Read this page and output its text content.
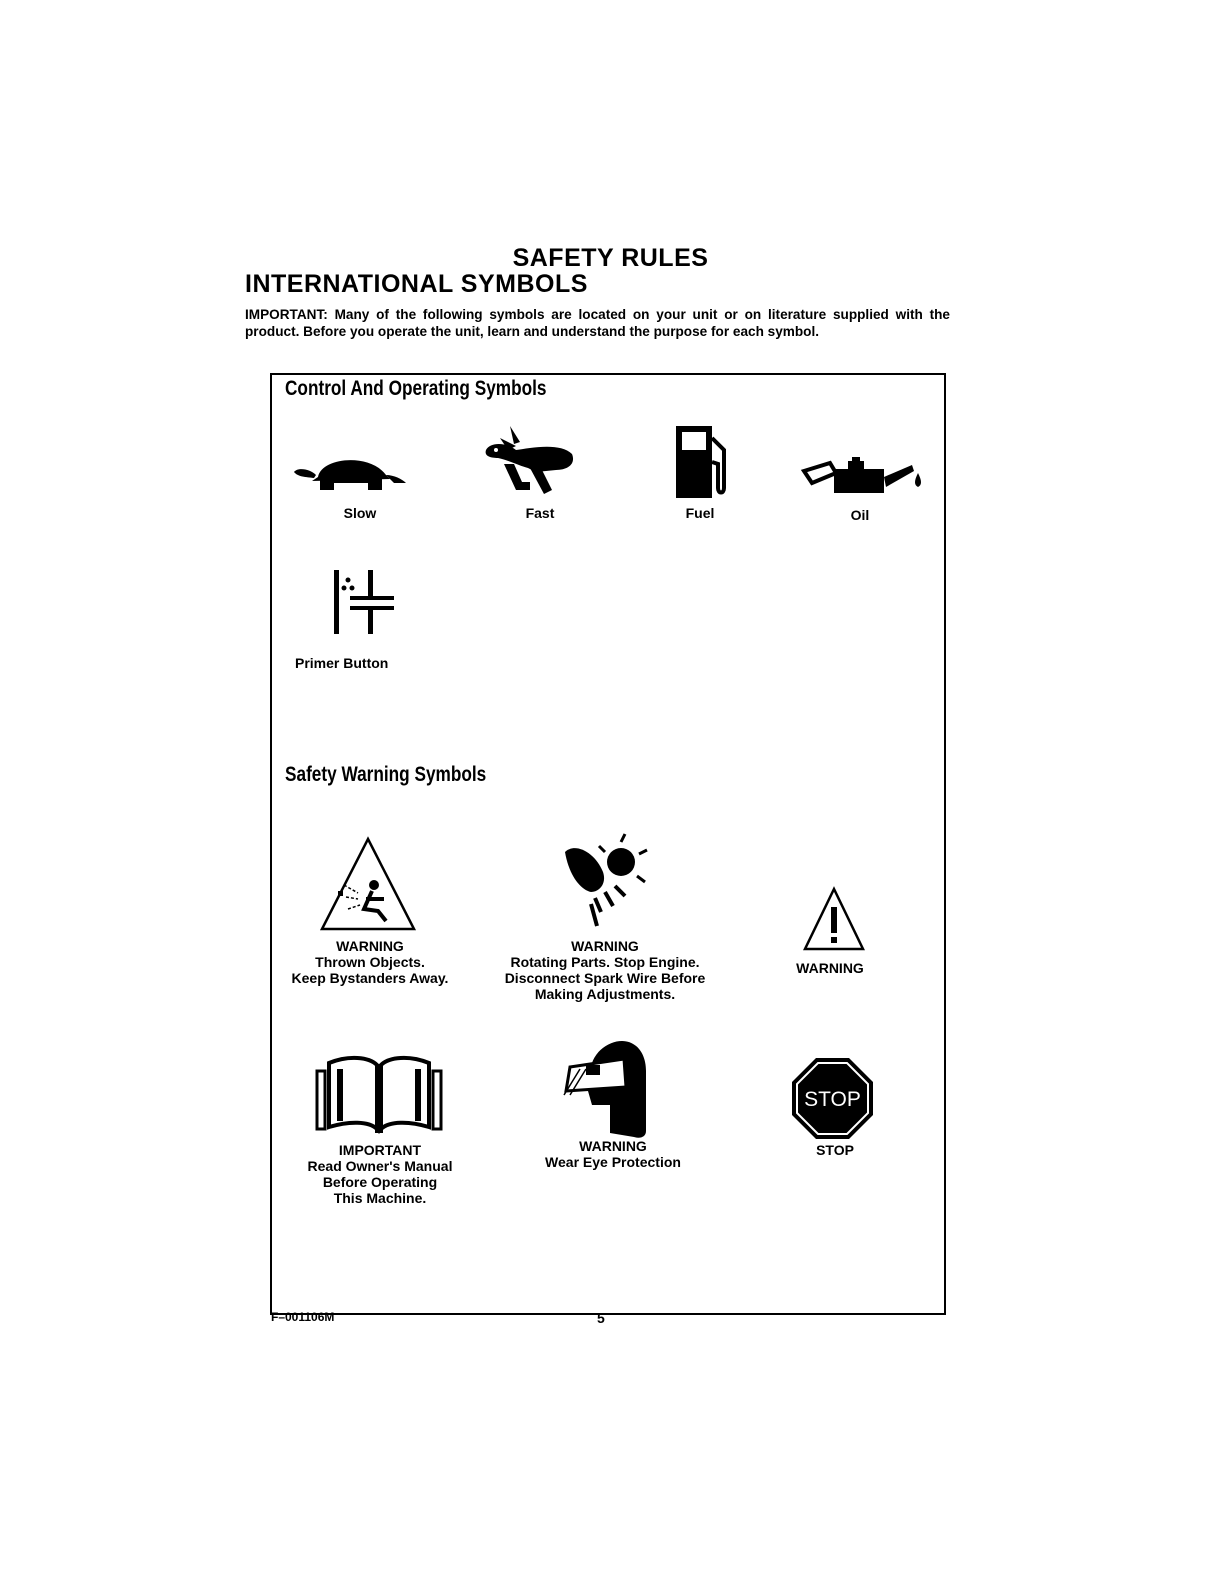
SAFETY RULES
INTERNATIONAL SYMBOLS
IMPORTANT: Many of the following symbols are located on your unit or on literature supplied with the product. Before you operate the unit, learn and understand the purpose for each symbol.
Control And Operating Symbols
Slow	Fast	Fuel	Oil
Primer Button
Safety Warning Symbols
WARNING
Thrown Objects.
Keep Bystanders Away.
WARNING
Rotating Parts. Stop Engine.
Disconnect Spark Wire Before
Making Adjustments.
WARNING
IMPORTANT
Read Owner's Manual
Before Operating
This Machine.
WARNING
Wear Eye Protection
STOP
STOP
F–001106M	5
